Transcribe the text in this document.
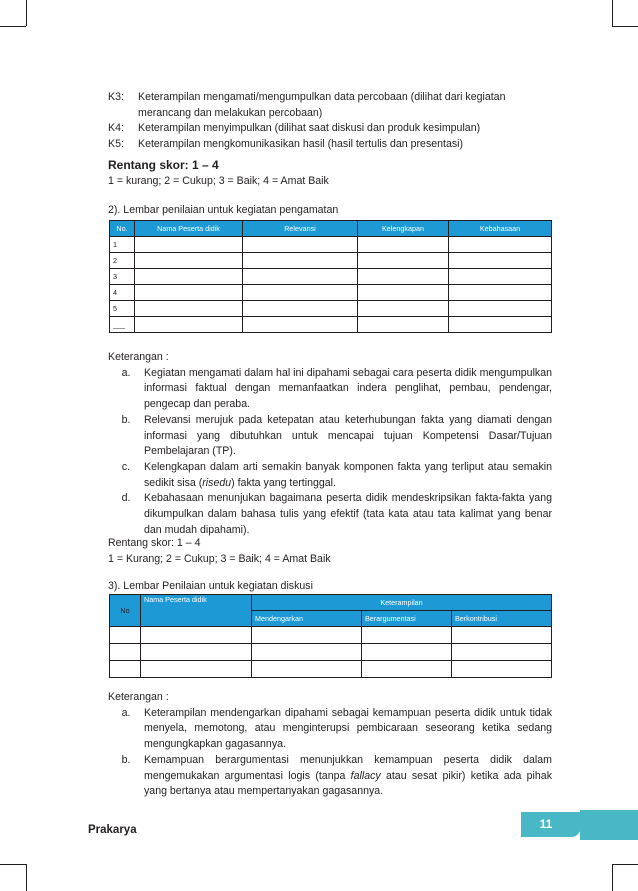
K3:	Keterampilan mengamati/mengumpulkan data percobaan (dilihat dari kegiatan
merancang dan melakukan percobaan)
K4:	Keterampilan menyimpulkan (dilihat saat diskusi dan produk kesimpulan)
K5:	Keterampilan mengkomunikasikan hasil (hasil tertulis dan presentasi)
Rentang skor: 1 – 4
1 = kurang; 2 = Cukup; 3 = Baik; 4 = Amat Baik
2). Lembar penilaian untuk kegiatan pengamatan
No.	Nama Peserta didik	Relevansi	Kelengkapan	Kebahasaan
1				
2				
3				
4				
5				
___				
Keterangan :
a.	Kegiatan mengamati dalam hal ini dipahami sebagai cara peserta didik mengumpulkan informasi faktual dengan memanfaatkan indera penglihat, pembau, pendengar, pengecap dan peraba.
b.	Relevansi merujuk pada ketepatan atau keterhubungan fakta yang diamati dengan informasi yang dibutuhkan untuk mencapai tujuan Kompetensi Dasar/Tujuan Pembelajaran (TP).
c.	Kelengkapan dalam arti semakin banyak komponen fakta yang terliput atau semakin sedikit sisa (risedu) fakta yang tertinggal.
d.	Kebahasaan menunjukan bagaimana peserta didik mendeskripsikan fakta-fakta yang dikumpulkan dalam bahasa tulis yang efektif (tata kata atau tata kalimat yang benar dan mudah dipahami).
Rentang skor: 1 – 4
1 = Kurang; 2 = Cukup; 3 = Baik; 4 = Amat Baik
3). Lembar Penilaian untuk kegiatan diskusi
No	Nama Peserta didik	Keterampilan		
		Mendengarkan	Berargumentasi	Berkontribusi

Keterangan :
a.	Keterampilan mendengarkan dipahami sebagai kemampuan peserta didik untuk tidak menyela, memotong, atau menginterupsi pembicaraan seseorang ketika sedang mengungkapkan gagasannya.
b.	Kemampuan berargumentasi menunjukkan kemampuan peserta didik dalam mengemukakan argumentasi logis (tanpa fallacy atau sesat pikir) ketika ada pihak yang bertanya atau mempertanyakan gagasannya.
Prakarya	11
